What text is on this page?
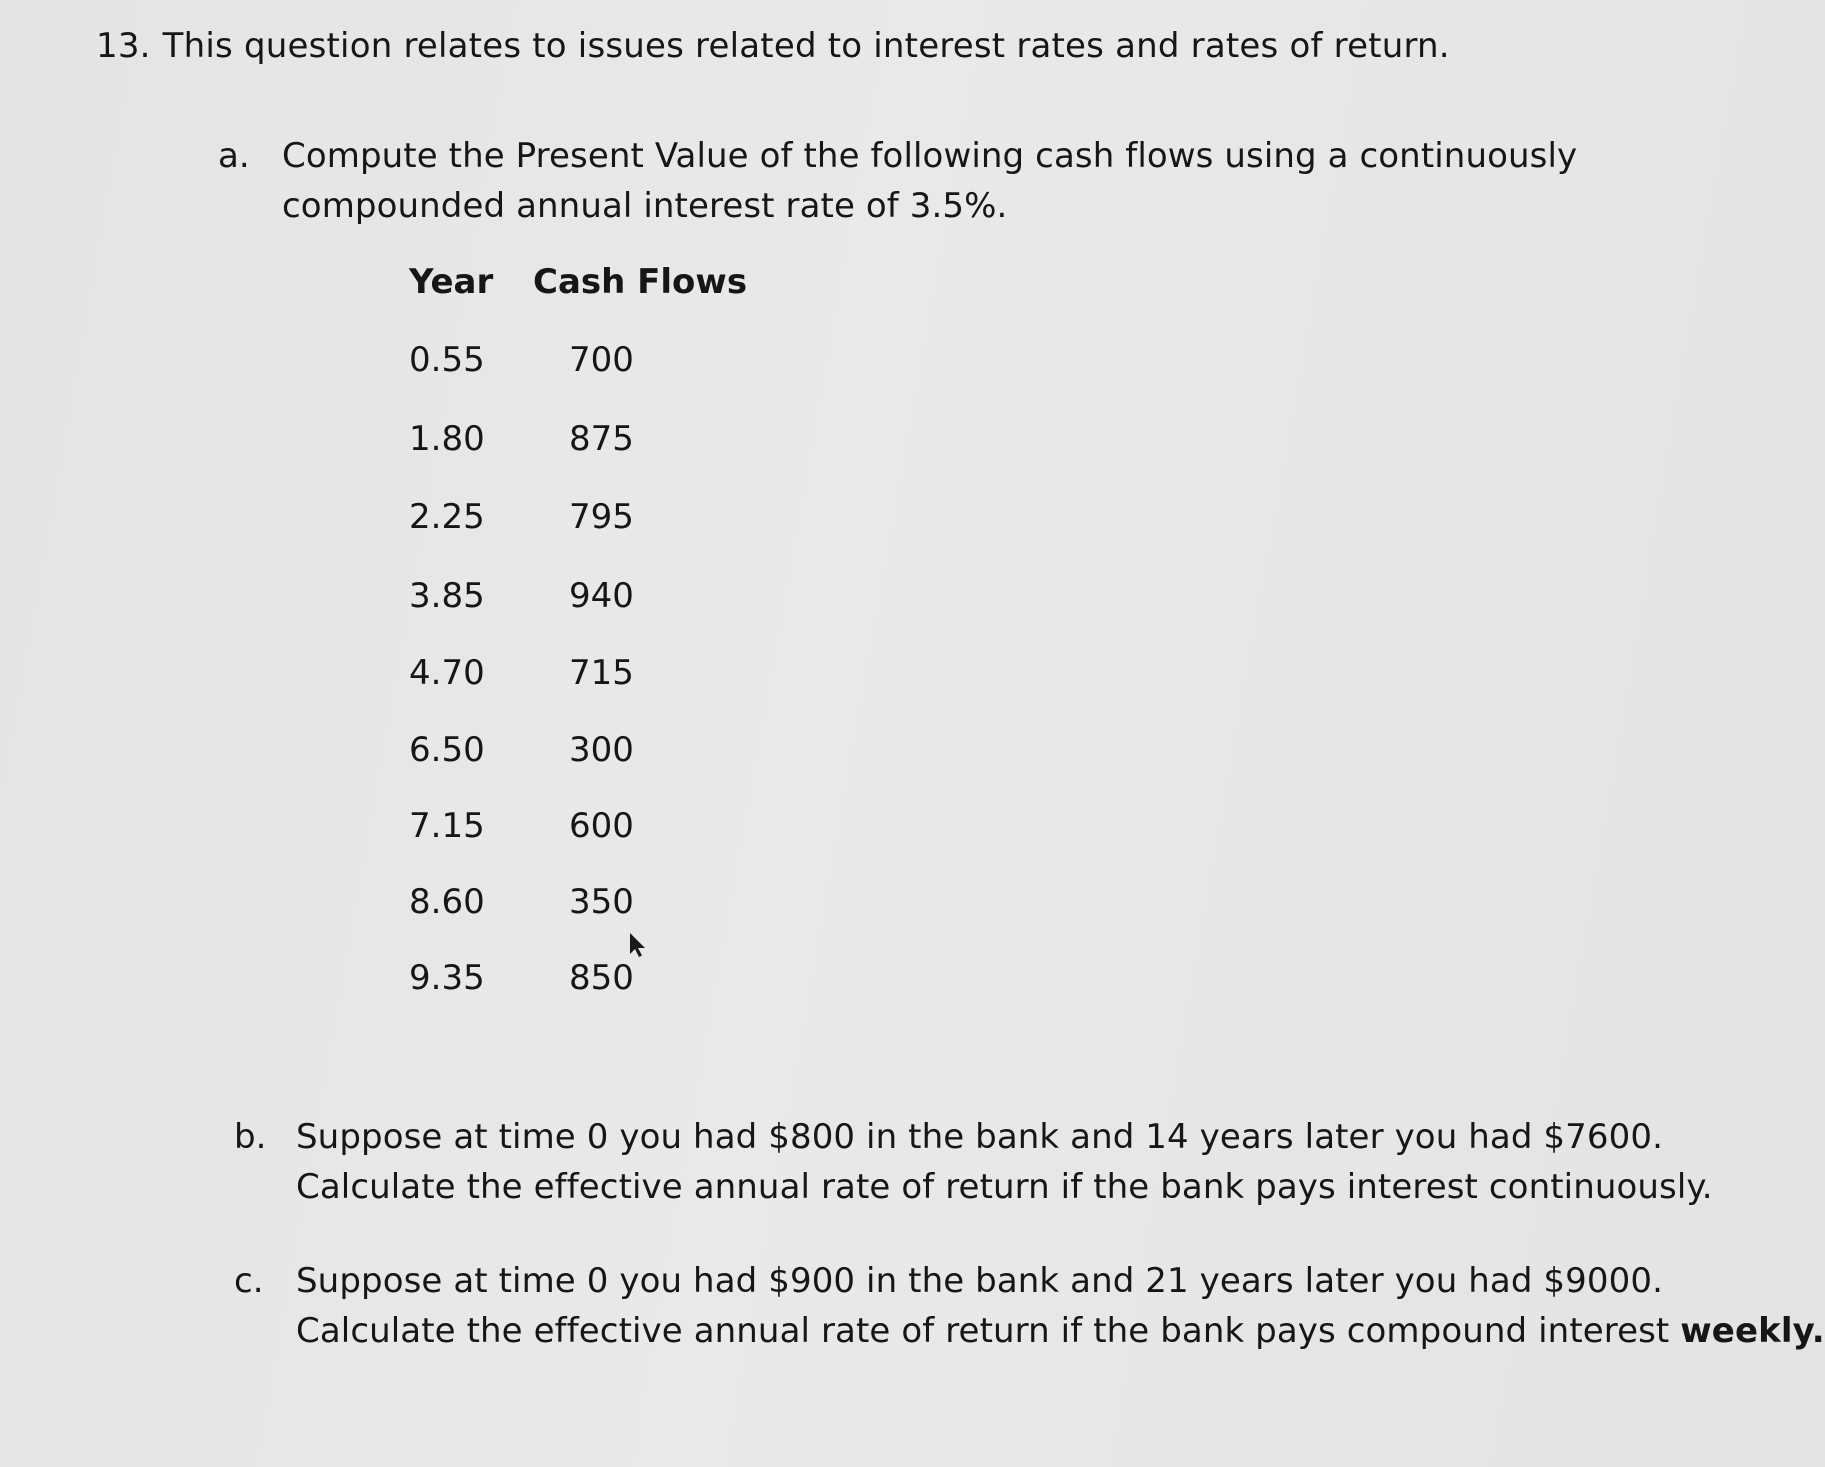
13. This question relates to issues related to interest rates and rates of return.
a. Compute the Present Value of the following cash flows using a continuously
compounded annual interest rate of 3.5%.
Year Cash Flows
0.55 700
1.80 875
2.25 795
3.85 940
4.70 715
6.50 300
7.15 600
8.60 350
9.35 850
b. Suppose at time 0 you had $800 in the bank and 14 years later you had $7600.
Calculate the effective annual rate of return if the bank pays interest continuously.
c. Suppose at time 0 you had $900 in the bank and 21 years later you had $9000.
Calculate the effective annual rate of return if the bank pays compound interest weekly.
